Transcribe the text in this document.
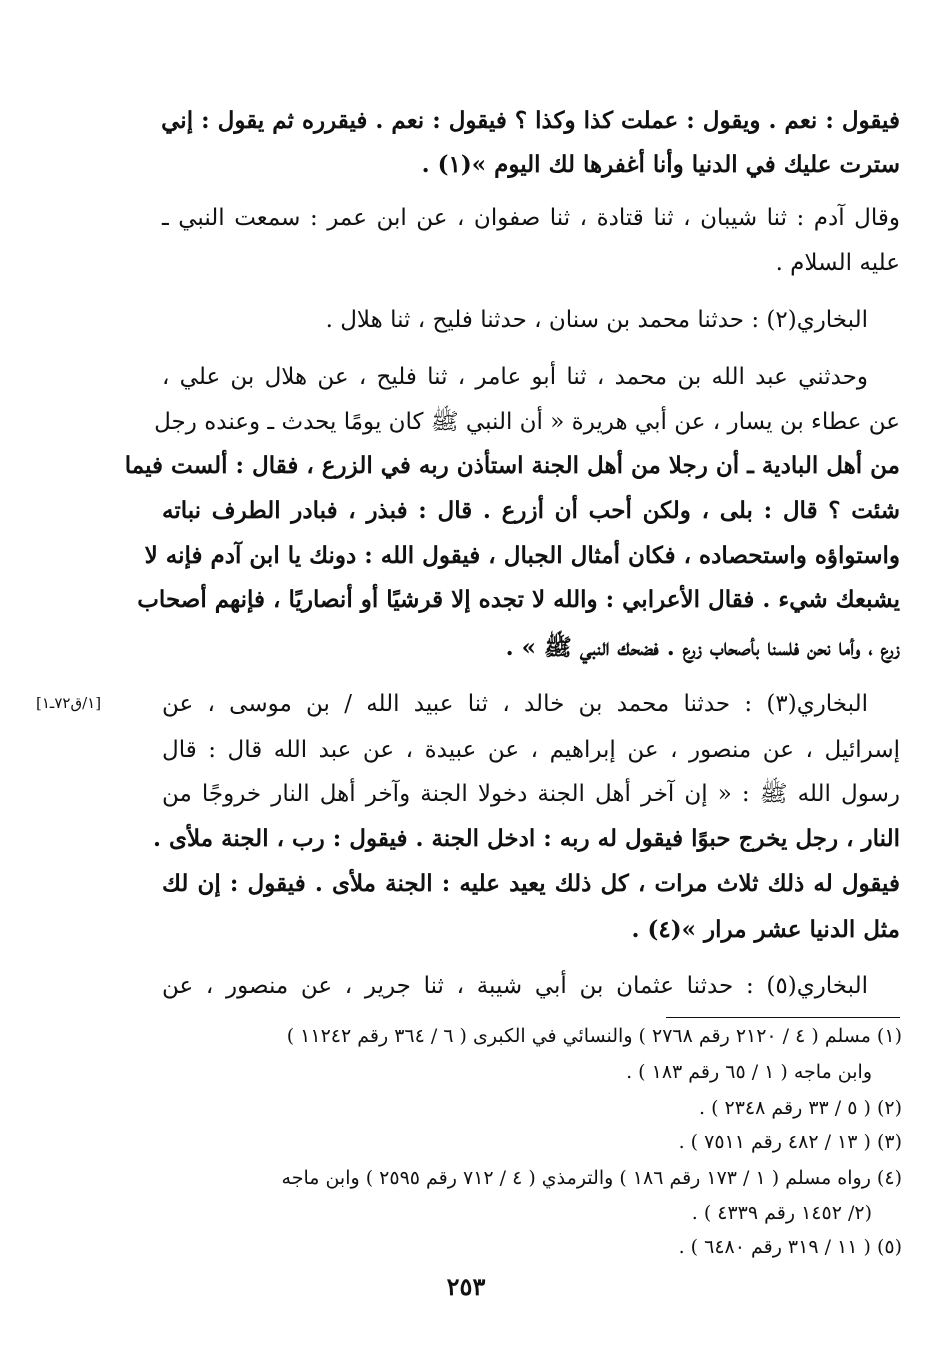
فيقول : نعم . ويقول : عملت كذا وكذا ؟ فيقول : نعم . فيقرره ثم يقول : إني
سترت عليك في الدنيا وأنا أغفرها لك اليوم »(١) .
وقال آدم : ثنا شيبان ، ثنا قتادة ، ثنا صفوان ، عن ابن عمر : سمعت النبي ـ
عليه السلام .
البخاري(٢) : حدثنا محمد بن سنان ، حدثنا فليح ، ثنا هلال .
وحدثني عبد الله بن محمد ، ثنا أبو عامر ، ثنا فليح ، عن هلال بن علي ،
عن عطاء بن يسار ، عن أبي هريرة « أن النبي ﷺ كان يومًا يحدث ـ وعنده رجل
من أهل البادية ـ أن رجلا من أهل الجنة استأذن ربه في الزرع ، فقال : ألست فيما
شئت ؟ قال : بلى ، ولكن أحب أن أزرع . قال : فبذر ، فبادر الطرف نباته
واستواؤه واستحصاده ، فكان أمثال الجبال ، فيقول الله : دونك يا ابن آدم فإنه لا
يشبعك شيء . فقال الأعرابي : والله لا تجده إلا قرشيًا أو أنصاريًا ، فإنهم أصحاب
زرع ، وأما نحن فلسنا بأصحاب زرع . فضحك النبي ﷺ » .
البخاري(٣) : حدثنا محمد بن خالد ، ثنا عبيد الله / بن موسى ، عن
[١/ق٧٢ـ١]
إسرائيل ، عن منصور ، عن إبراهيم ، عن عبيدة ، عن عبد الله قال : قال
رسول الله ﷺ : « إن آخر أهل الجنة دخولا الجنة وآخر أهل النار خروجًا من
النار ، رجل يخرج حبوًا فيقول له ربه : ادخل الجنة . فيقول : رب ، الجنة ملأى .
فيقول له ذلك ثلاث مرات ، كل ذلك يعيد عليه : الجنة ملأى . فيقول : إن لك
مثل الدنيا عشر مرار »(٤) .
البخاري(٥) : حدثنا عثمان بن أبي شيبة ، ثنا جرير ، عن منصور ، عن
(١) مسلم ( ٤ / ٢١٢٠ رقم ٢٧٦٨ ) والنسائي في الكبرى ( ٦ / ٣٦٤ رقم ١١٢٤٢ )
وابن ماجه ( ١ / ٦٥ رقم ١٨٣ ) .
(٢) ( ٥ / ٣٣ رقم ٢٣٤٨ ) .
(٣) ( ١٣ / ٤٨٢ رقم ٧٥١١ ) .
(٤) رواه مسلم ( ١ / ١٧٣ رقم ١٨٦ ) والترمذي ( ٤ / ٧١٢ رقم ٢٥٩٥ ) وابن ماجه
(٢/ ١٤٥٢ رقم ٤٣٣٩ ) .
(٥) ( ١١ / ٣١٩ رقم ٦٤٨٠ ) .
٢٥٣
